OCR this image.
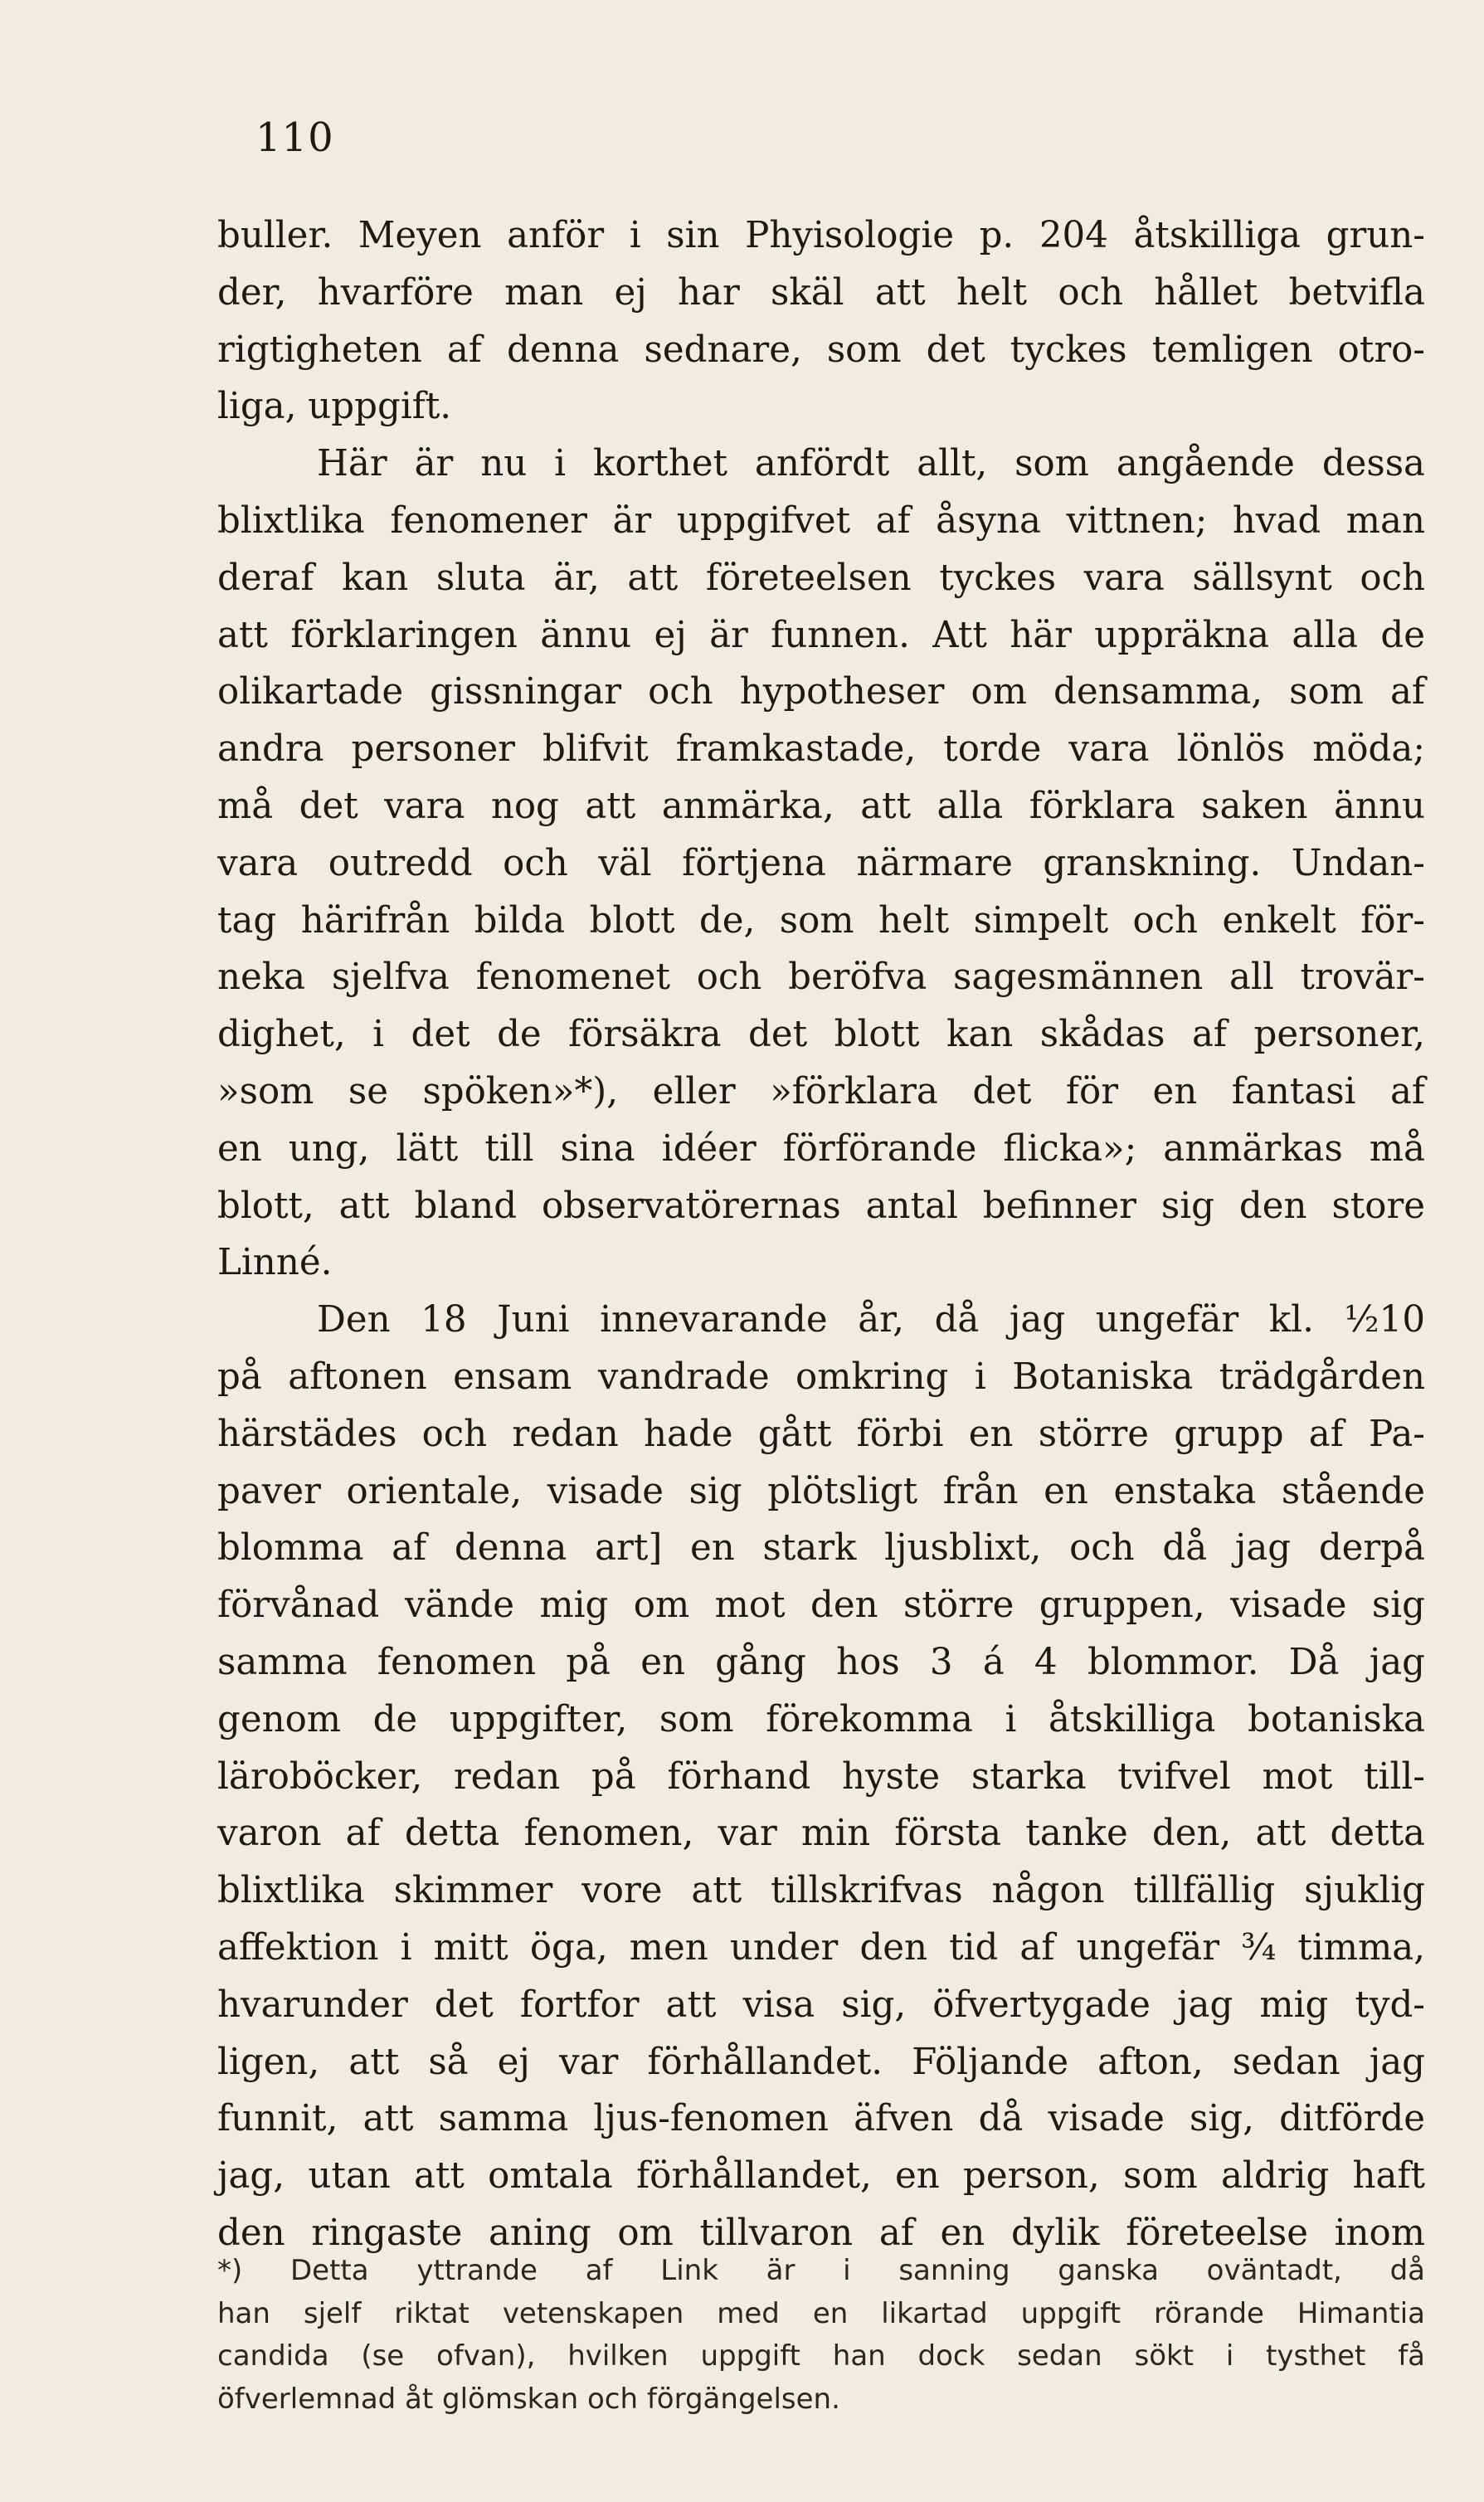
110
buller. Meyen anför i sin Phyisologie p. 204 åtskilliga grun-
der, hvarföre man ej har skäl att helt och hållet betvifla
rigtigheten af denna sednare, som det tyckes temligen otro-
liga, uppgift.
Här är nu i korthet anfördt allt, som angående dessa
blixtlika fenomener är uppgifvet af åsyna vittnen; hvad man
deraf kan sluta är, att företeelsen tyckes vara sällsynt och
att förklaringen ännu ej är funnen. Att här uppräkna alla de
olikartade gissningar och hypotheser om densamma, som af
andra personer blifvit framkastade, torde vara lönlös möda;
må det vara nog att anmärka, att alla förklara saken ännu
vara outredd och väl förtjena närmare granskning. Undan-
tag härifrån bilda blott de, som helt simpelt och enkelt för-
neka sjelfva fenomenet och beröfva sagesmännen all trovär-
dighet, i det de försäkra det blott kan skådas af personer,
»som se spöken»*), eller »förklara det för en fantasi af
en ung, lätt till sina idéer förförande flicka»; anmärkas må
blott, att bland observatörernas antal befinner sig den store
Linné.
Den 18 Juni innevarande år, då jag ungefär kl. ½10
på aftonen ensam vandrade omkring i Botaniska trädgården
härstädes och redan hade gått förbi en större grupp af Pa-
paver orientale, visade sig plötsligt från en enstaka stående
blomma af denna art] en stark ljusblixt, och då jag derpå
förvånad vände mig om mot den större gruppen, visade sig
samma fenomen på en gång hos 3 á 4 blommor. Då jag
genom de uppgifter, som förekomma i åtskilliga botaniska
läroböcker, redan på förhand hyste starka tvifvel mot till-
varon af detta fenomen, var min första tanke den, att detta
blixtlika skimmer vore att tillskrifvas någon tillfällig sjuklig
affektion i mitt öga, men under den tid af ungefär ¾ timma,
hvarunder det fortfor att visa sig, öfvertygade jag mig tyd-
ligen, att så ej var förhållandet. Följande afton, sedan jag
funnit, att samma ljus-fenomen äfven då visade sig, ditförde
jag, utan att omtala förhållandet, en person, som aldrig haft
den ringaste aning om tillvaron af en dylik företeelse inom
*) Detta yttrande af Link är i sanning ganska oväntadt, då
han sjelf riktat vetenskapen med en likartad uppgift rörande Himantia
candida (se ofvan), hvilken uppgift han dock sedan sökt i tysthet få
öfverlemnad åt glömskan och förgängelsen.
